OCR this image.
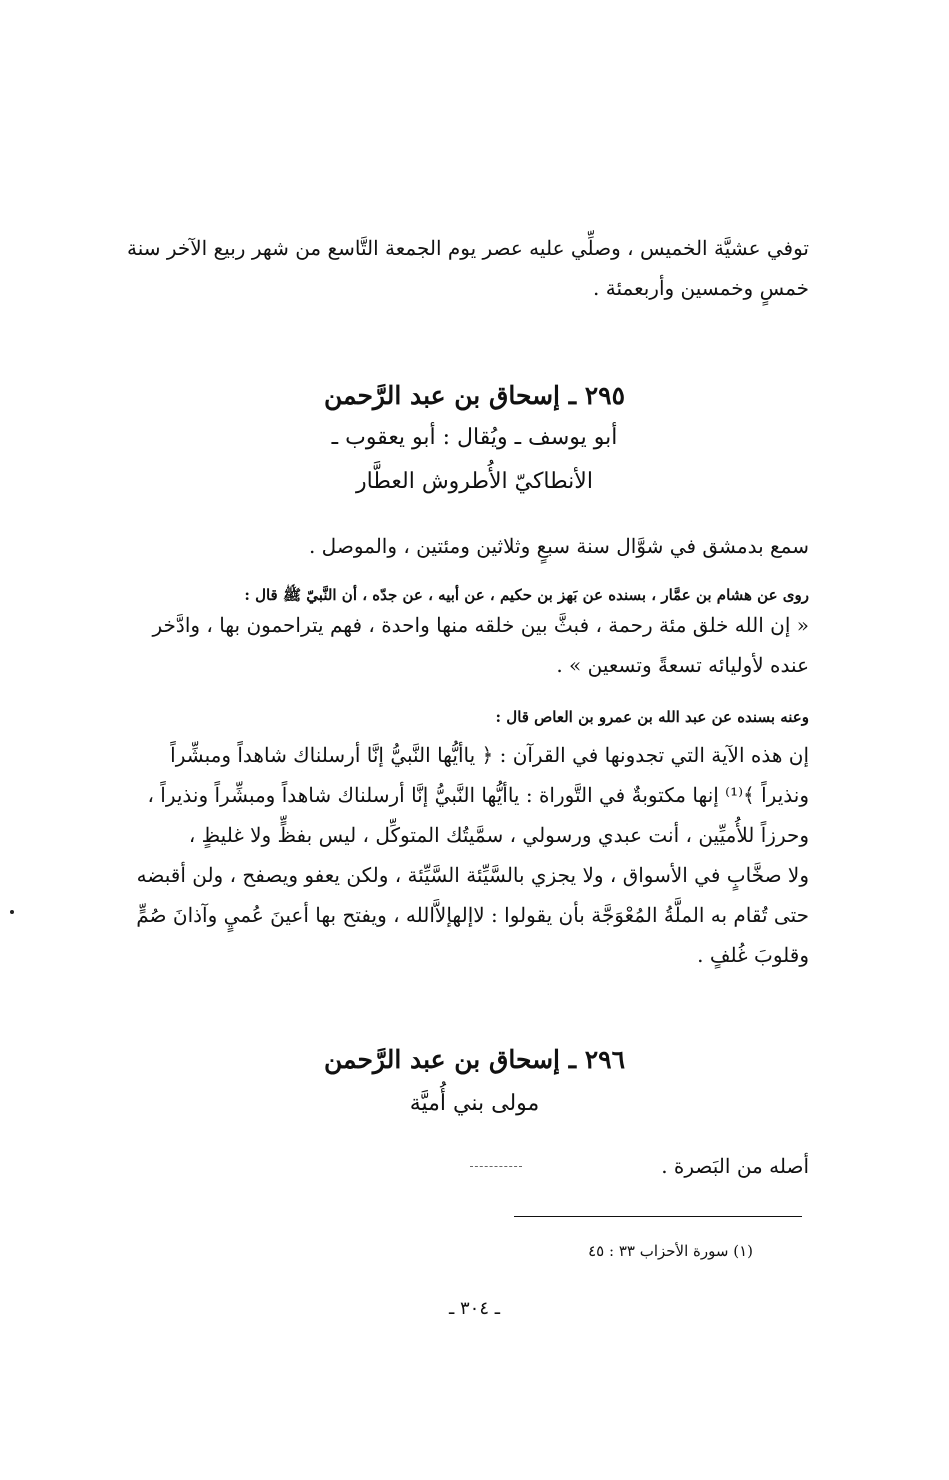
توفي عشيَّة الخميس ، وصلِّي عليه عصر يوم الجمعة التَّاسع من شهر ربيع الآخر سنة
خمسٍ وخمسين وأربعمئة .
٢٩٥ ـ إسحاق بن عبد الرَّحمن
أبو يوسف ـ ويُقال : أبو يعقوب ـ
الأنطاكيّ الأُطروش العطَّار
سمع بدمشق في شوَّال سنة سبعٍ وثلاثين ومئتين ، والموصل .
روى عن هشام بن عمَّار ، بسنده عن بَهز بن حكيم ، عن أبيه ، عن جدّه ، أن النَّبيّ ﷺ قال :
« إن الله خلق مئة رحمة ، فبثَّ بين خلقه منها واحدة ، فهم يتراحمون بها ، وادَّخر
عنده لأوليائه تسعةً وتسعين » .
وعنه بسنده عن عبد الله بن عمرو بن العاص قال :
إن هذه الآية التي تجدونها في القرآن : ﴿ ياأيُّها النَّبيُّ إنَّا أرسلناك شاهداً ومبشِّراً
ونذيراً ﴾⁽¹⁾ إنها مكتوبةٌ في التَّوراة : ياأيُّها النَّبيُّ إنَّا أرسلناك شاهداً ومبشِّراً ونذيراً ،
وحرزاً للأُميِّين ، أنت عبدي ورسولي ، سمَّيتُك المتوكِّل ، ليس بفظٍّ ولا غليظٍ ،
ولا صخَّابٍ في الأسواق ، ولا يجزي بالسَّيِّئة السَّيِّئة ، ولكن يعفو ويصفح ، ولن أقبضه
حتى تُقام به الملَّةُ المُعْوَجَّة بأن يقولوا : لاإلهإلاَّالله ، ويفتح بها أعينَ عُميٍ وآذانَ صُمٍّ
وقلوبَ غُلفٍ .
٢٩٦ ـ إسحاق بن عبد الرَّحمن
مولى بني أُميَّة
أصله من البَصرة .
(١) سورة الأحزاب ٣٣ : ٤٥
ـ ٣٠٤ ـ
